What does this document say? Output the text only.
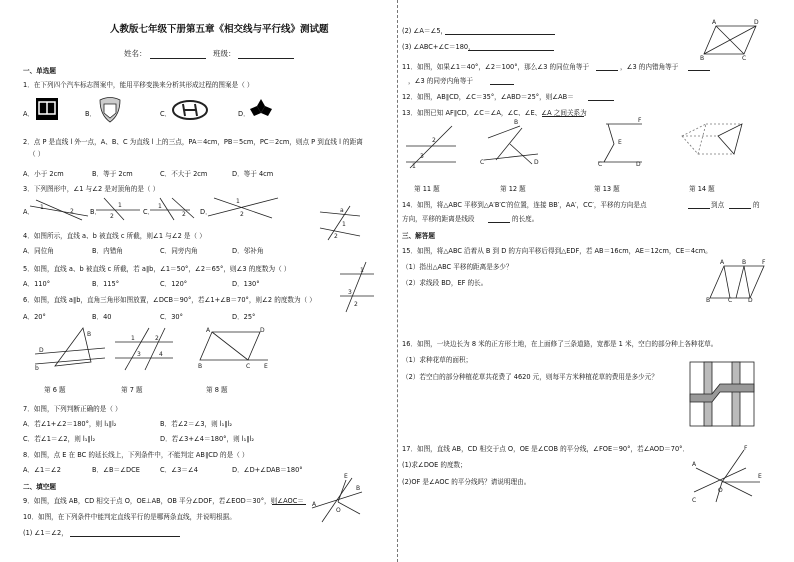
人教版七年级下册第五章《相交线与平行线》测试题
姓名：	班级：
一、单选题
1．在下列四个汽车标志图案中，能用平移变换来分析其形成过程的图案是（ ）
A．	B．	C．	D．
2．点 P 是直线 l 外一点，A、B、C 为直线 l 上的三点，PA＝4cm，PB＝5cm，PC＝2cm，则点 P 到直线 l 的距离
（ ）
A．小于 2cm	B．等于 2cm	C．不大于 2cm	D．等于 4cm
3．下列图形中，∠1 与∠2 是对顶角的是（ ）
A．
1
2 B．
1
2
C．
1
2 D．
1
2
a
1
2
4．如图所示，直线 a、b 被直线 c 所截，则∠1 与∠2 是（ ）
A．同位角	B．内错角	C．同旁内角	D．邻补角
5．如图，直线 a、b 被直线 c 所截，若 a∥b，∠1＝50°，∠2＝65°，则∠3 的度数为（ ）
A．110°	B．115°	C．120°	D．130°
1
3
2
6．如图，直线 a∥b，直角三角形如图放置，∠DCB＝90°，若∠1+∠B＝70°，则∠2 的度数为（ ）
A．20°	B．40	C．30°	D．25°
D
b
B
1	2
3	4
A	D
B	C E
第 6 题	第 7 题	第 8 题
7．如图，下列判断正确的是（ ）
A．若∠1+∠2＝180°，则 l₁∥l₂	B．若∠2＝∠3，则 l₁∥l₂
C．若∠1＝∠2，则 l₁∥l₂	D．若∠3+∠4＝180°，则 l₁∥l₂
8．如图，点 E 在 BC 的延长线上，下列条件中，不能判定 AB∥CD 的是（ ）
A．∠1＝∠2	B．∠B＝∠DCE	C．∠3＝∠4	D．∠D+∠DAB＝180°
二、填空题
9．如图，直线 AB，CD 相交于点 O，OE⊥AB，OB 平分∠DOF，若∠EOD＝30°，则∠AOC＝
E
A
O
B
10．如图，在下列条件中能判定直线平行的是哪两条直线，并说明根据。
(1) ∠1＝∠2，
(2) ∠A＝∠5，
(3) ∠ABC+∠C＝180，
A	D
B	C
11．如图，如果∠1＝40°，∠2＝100°，那么∠3 的同位角等于	，∠3 的内错角等于
，∠3 的同旁内角等于
12．如图，AB∥CD，∠C＝35°，∠ABD＝25°，则∠AB＝
13．如图已知 AF∥CD，∠C＝∠A，∠C、∠E、∠A 之间关系为
2
3
1
B
C	D
F
E
C	D
第 11 题	第 12 题	第 13 题	第 14 题
14．如图，将△ABC 平移到△A′B′C′的位置，连接 BB′，AA′，CC′，平移的方向是点	到点	的
方向，平移的距离是线段	的长度。
三、解答题
15．如图，将△ABC 沿着从 B 到 D 的方向平移后得到△EDF，若 AB＝16cm，AE＝12cm，CE＝4cm。
（1）指出△ABC 平移的距离是多少？
（2）求线段 BD，EF 的长。
A	B	F
B	C	D
16．如图，一块边长为 8 米的正方形土地，在上面修了三条道路，宽都是 1 米，空白的部分种上各种花草。
（1）求种花草的面积；
（2）若空白的部分种植花草共花费了 4620 元，则每平方米种植花草的费用是多少元？
17．如图，直线 AB，CD 相交于点 O，OE 是∠COB 的平分线，∠FOE＝90°，若∠AOD＝70°．
(1)求∠DOE 的度数；
(2)OF 是∠AOC 的平分线吗？请说明理由。
A
F
E
O
C
